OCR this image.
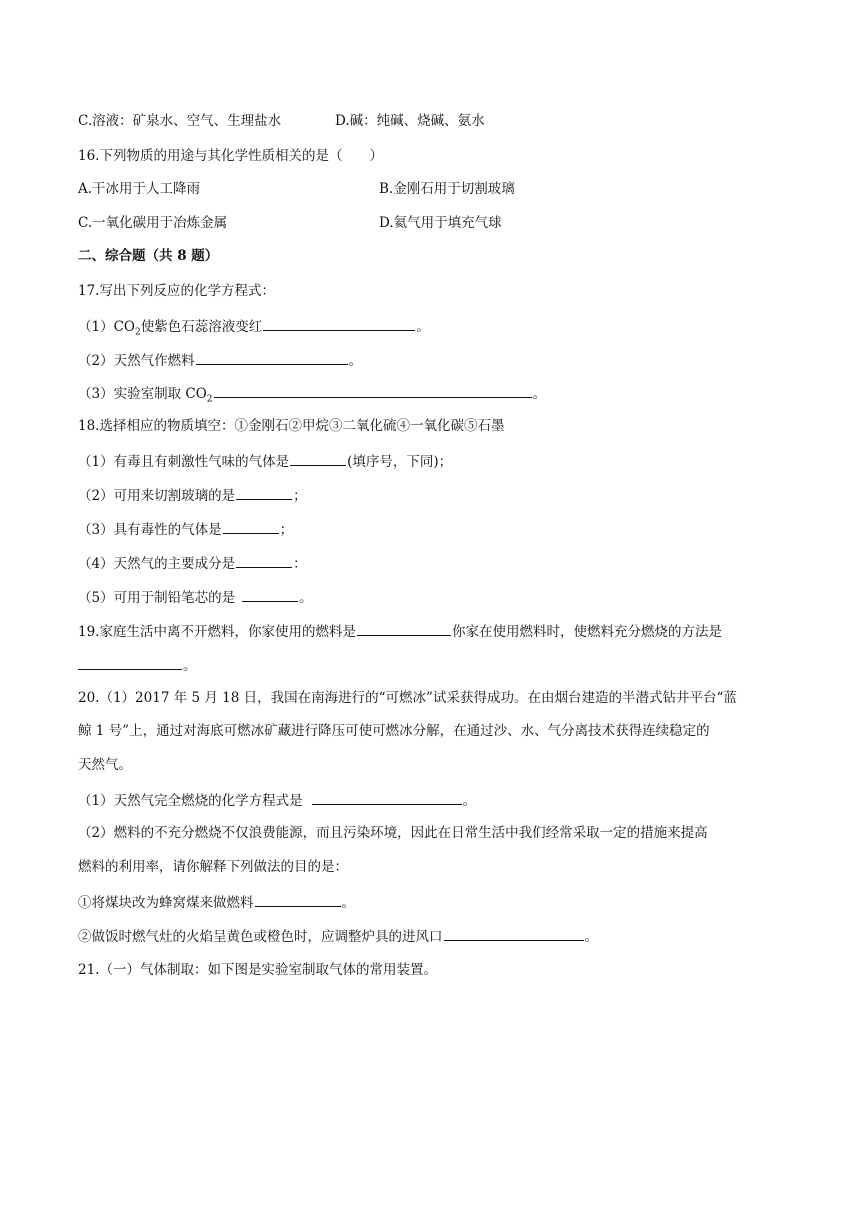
C.溶液：矿泉水、空气、生理盐水	D.碱：纯碱、烧碱、氨水
16.下列物质的用途与其化学性质相关的是（　　）
A.干冰用于人工降雨	B.金刚石用于切割玻璃
C.一氧化碳用于冶炼金属	D.氦气用于填充气球
二、综合题（共 8 题）
17.写出下列反应的化学方程式：
$(1)CO_2$使紫色石蕊溶液变红	。
（2）天然气作燃料	。
（3）实验室制取 $CO_2$	。
18.选择相应的物质填空：①金刚石②甲烷③二氧化硫④一氧化碳⑤石墨
（1）有毒且有刺激性气味的气体是	(填序号，下同)；
（2）可用来切割玻璃的是	；
（3）具有毒性的气体是	；
（4）天然气的主要成分是	：
（5）可用于制铅笔芯的是	。
19.家庭生活中离不开燃料，你家使用的燃料是	你家在使用燃料时，使燃料充分燃烧的方法是
。
20.（1）2017 年 5 月 18 日，我国在南海进行的“可燃冰”试采获得成功。在由烟台建造的半潜式钻井平台“蓝
鲸 1 号”上，通过对海底可燃冰矿藏进行降压可使可燃冰分解，在通过沙、水、气分离技术获得连续稳定的
天然气。
（1）天然气完全燃烧的化学方程式是	。
（2）燃料的不充分燃烧不仅浪费能源，而且污染环境，因此在日常生活中我们经常采取一定的措施来提高
燃料的利用率，请你解释下列做法的目的是：
①将煤块改为蜂窝煤来做燃料	。
②做饭时燃气灶的火焰呈黄色或橙色时，应调整炉具的进风口	。
21.（一）气体制取：如下图是实验室制取气体的常用装置。
